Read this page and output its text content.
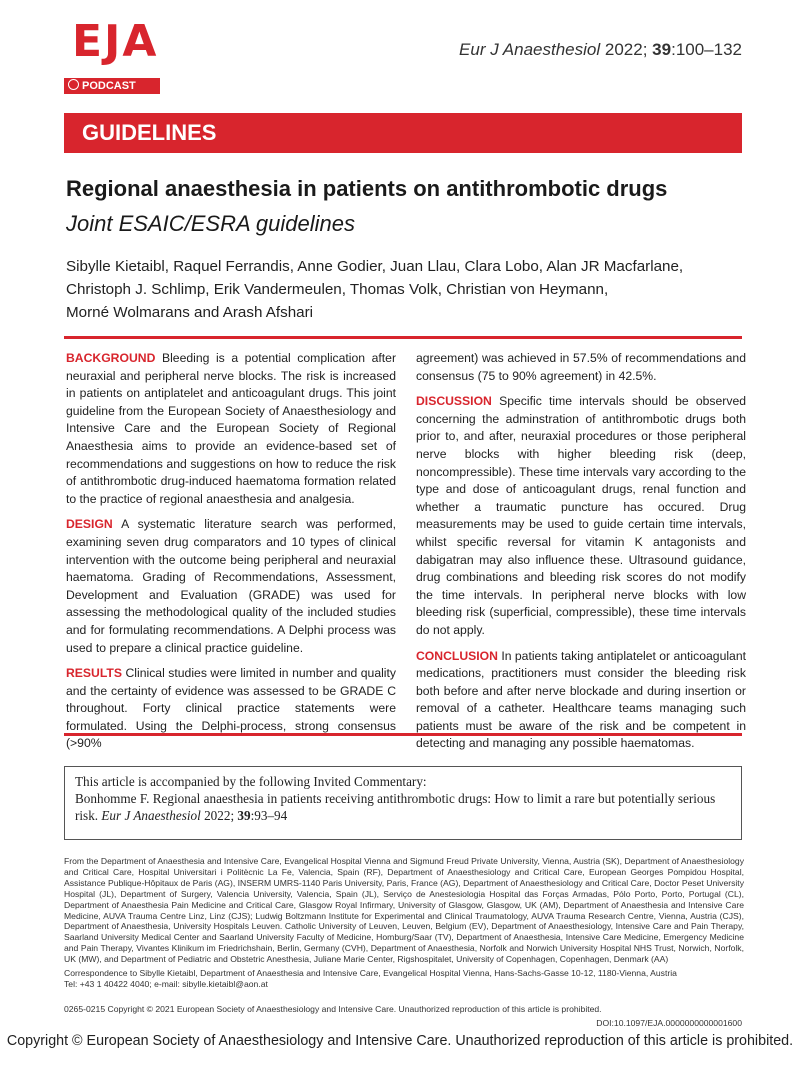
EJA
PODCAST
Eur J Anaesthesiol 2022; 39:100–132
GUIDELINES
Regional anaesthesia in patients on antithrombotic drugs
Joint ESAIC/ESRA guidelines
Sibylle Kietaibl, Raquel Ferrandis, Anne Godier, Juan Llau, Clara Lobo, Alan JR Macfarlane,
Christoph J. Schlimp, Erik Vandermeulen, Thomas Volk, Christian von Heymann,
Morné Wolmarans and Arash Afshari

BACKGROUND Bleeding is a potential complication after neuraxial and peripheral nerve blocks. The risk is increased in patients on antiplatelet and anticoagulant drugs. This joint guideline from the European Society of Anaesthesiology and Intensive Care and the European Society of Regional Anaesthesia aims to provide an evidence-based set of recommendations and suggestions on how to reduce the risk of antithrombotic drug-induced haematoma formation related to the practice of regional anaesthesia and analgesia.

DESIGN A systematic literature search was performed, examining seven drug comparators and 10 types of clinical intervention with the outcome being peripheral and neuraxial haematoma. Grading of Recommendations, Assessment, Development and Evaluation (GRADE) was used for assessing the methodological quality of the included studies and for formulating recommendations. A Delphi process was used to prepare a clinical practice guideline.

RESULTS Clinical studies were limited in number and quality and the certainty of evidence was assessed to be GRADE C throughout. Forty clinical practice statements were formulated. Using the Delphi-process, strong consensus (>90%

agreement) was achieved in 57.5% of recommendations and consensus (75 to 90% agreement) in 42.5%.

DISCUSSION Specific time intervals should be observed concerning the adminstration of antithrombotic drugs both prior to, and after, neuraxial procedures or those peripheral nerve blocks with higher bleeding risk (deep, noncompressible). These time intervals vary according to the type and dose of anticoagulant drugs, renal function and whether a traumatic puncture has occured. Drug measurements may be used to guide certain time intervals, whilst specific reversal for vitamin K antagonists and dabigatran may also influence these. Ultrasound guidance, drug combinations and bleeding risk scores do not modify the time intervals. In peripheral nerve blocks with low bleeding risk (superficial, compressible), these time intervals do not apply.

CONCLUSION In patients taking antiplatelet or anticoagulant medications, practitioners must consider the bleeding risk both before and after nerve blockade and during insertion or removal of a catheter. Healthcare teams managing such patients must be aware of the risk and be competent in detecting and managing any possible haematomas.

This article is accompanied by the following Invited Commentary:
Bonhomme F. Regional anaesthesia in patients receiving antithrombotic drugs: How to limit a rare but potentially serious risk. Eur J Anaesthesiol 2022; 39:93–94
From the Department of Anaesthesia and Intensive Care, Evangelical Hospital Vienna and Sigmund Freud Private University, Vienna, Austria (SK), Department of Anaesthesiology and Critical Care, Hospital Universitari i Politècnic La Fe, Valencia, Spain (RF), Department of Anaesthesiology and Critical Care, European Georges Pompidou Hospital, Assistance Publique-Hôpitaux de Paris (AG), INSERM UMRS-1140 Paris University, Paris, France (AG), Department of Anaesthesiology and Critical Care, Doctor Peset University Hospital (JL), Department of Surgery, Valencia University, Valencia, Spain (JL), Serviço de Anestesiologia Hospital das Forças Armadas, Pólo Porto, Porto, Portugal (CL), Department of Anaesthesia Pain Medicine and Critical Care, Glasgow Royal Infirmary, University of Glasgow, Glasgow, UK (AM), Department of Anaesthesia and Intensive Care Medicine, AUVA Trauma Centre Linz, Linz (CJS); Ludwig Boltzmann Institute for Experimental and Clinical Traumatology, AUVA Trauma Research Centre, Vienna, Austria (CJS), Department of Anaesthesia, University Hospitals Leuven. Catholic University of Leuven, Leuven, Belgium (EV), Department of Anaesthesiology, Intensive Care and Pain Therapy, Saarland University Medical Center and Saarland University Faculty of Medicine, Homburg/Saar (TV), Department of Anaesthesia, Intensive Care Medicine, Emergency Medicine and Pain Therapy, Vivantes Klinikum im Friedrichshain, Berlin, Germany (CVH), Department of Anaesthesia, Norfolk and Norwich University Hospital NHS Trust, Norwich, Norfolk, UK (MW), and Department of Pediatric and Obstetric Anesthesia, Juliane Marie Center, Rigshospitalet, University of Copenhagen, Copenhagen, Denmark (AA)
Correspondence to Sibylle Kietaibl, Department of Anaesthesia and Intensive Care, Evangelical Hospital Vienna, Hans-Sachs-Gasse 10-12, 1180-Vienna, Austria
Tel: +43 1 40422 4040; e-mail: sibylle.kietaibl@aon.at
0265-0215 Copyright © 2021 European Society of Anaesthesiology and Intensive Care. Unauthorized reproduction of this article is prohibited.
DOI:10.1097/EJA.0000000000001600
Copyright © European Society of Anaesthesiology and Intensive Care. Unauthorized reproduction of this article is prohibited.
